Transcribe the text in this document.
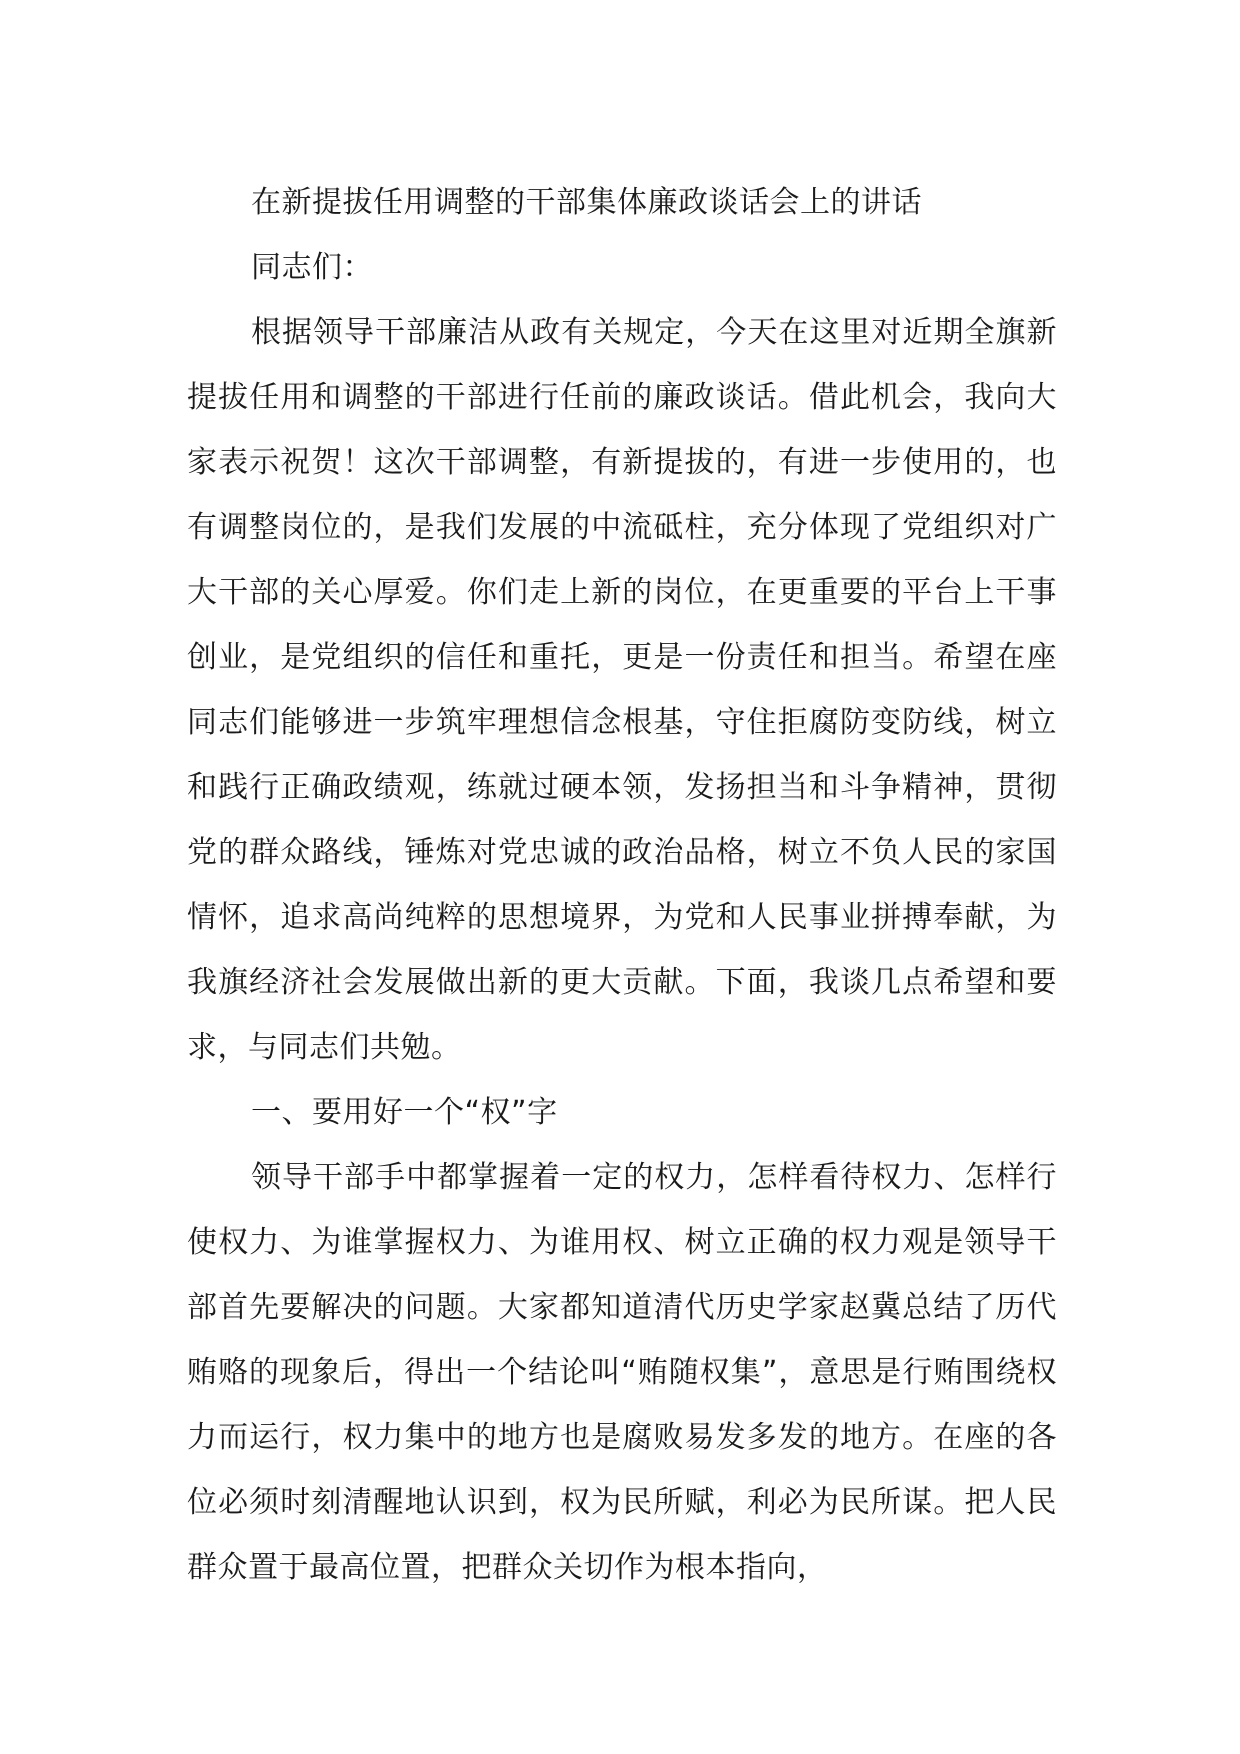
在新提拔任用调整的干部集体廉政谈话会上的讲话

同志们：

根据领导干部廉洁从政有关规定，今天在这里对近期全旗新提拔任用和调整的干部进行任前的廉政谈话。借此机会，我向大家表示祝贺！这次干部调整，有新提拔的，有进一步使用的，也有调整岗位的，是我们发展的中流砥柱，充分体现了党组织对广大干部的关心厚爱。你们走上新的岗位，在更重要的平台上干事创业，是党组织的信任和重托，更是一份责任和担当。希望在座同志们能够进一步筑牢理想信念根基，守住拒腐防变防线，树立和践行正确政绩观，练就过硬本领，发扬担当和斗争精神，贯彻党的群众路线，锤炼对党忠诚的政治品格，树立不负人民的家国情怀，追求高尚纯粹的思想境界，为党和人民事业拼搏奉献，为我旗经济社会发展做出新的更大贡献。下面，我谈几点希望和要求，与同志们共勉。

一、要用好一个“权”字

领导干部手中都掌握着一定的权力，怎样看待权力、怎样行使权力、为谁掌握权力、为谁用权、树立正确的权力观是领导干部首先要解决的问题。大家都知道清代历史学家赵冀总结了历代贿赂的现象后，得出一个结论叫“贿随权集”，意思是行贿围绕权力而运行，权力集中的地方也是腐败易发多发的地方。在座的各位必须时刻清醒地认识到，权为民所赋，利必为民所谋。把人民群众置于最高位置，把群众关切作为根本指向，
